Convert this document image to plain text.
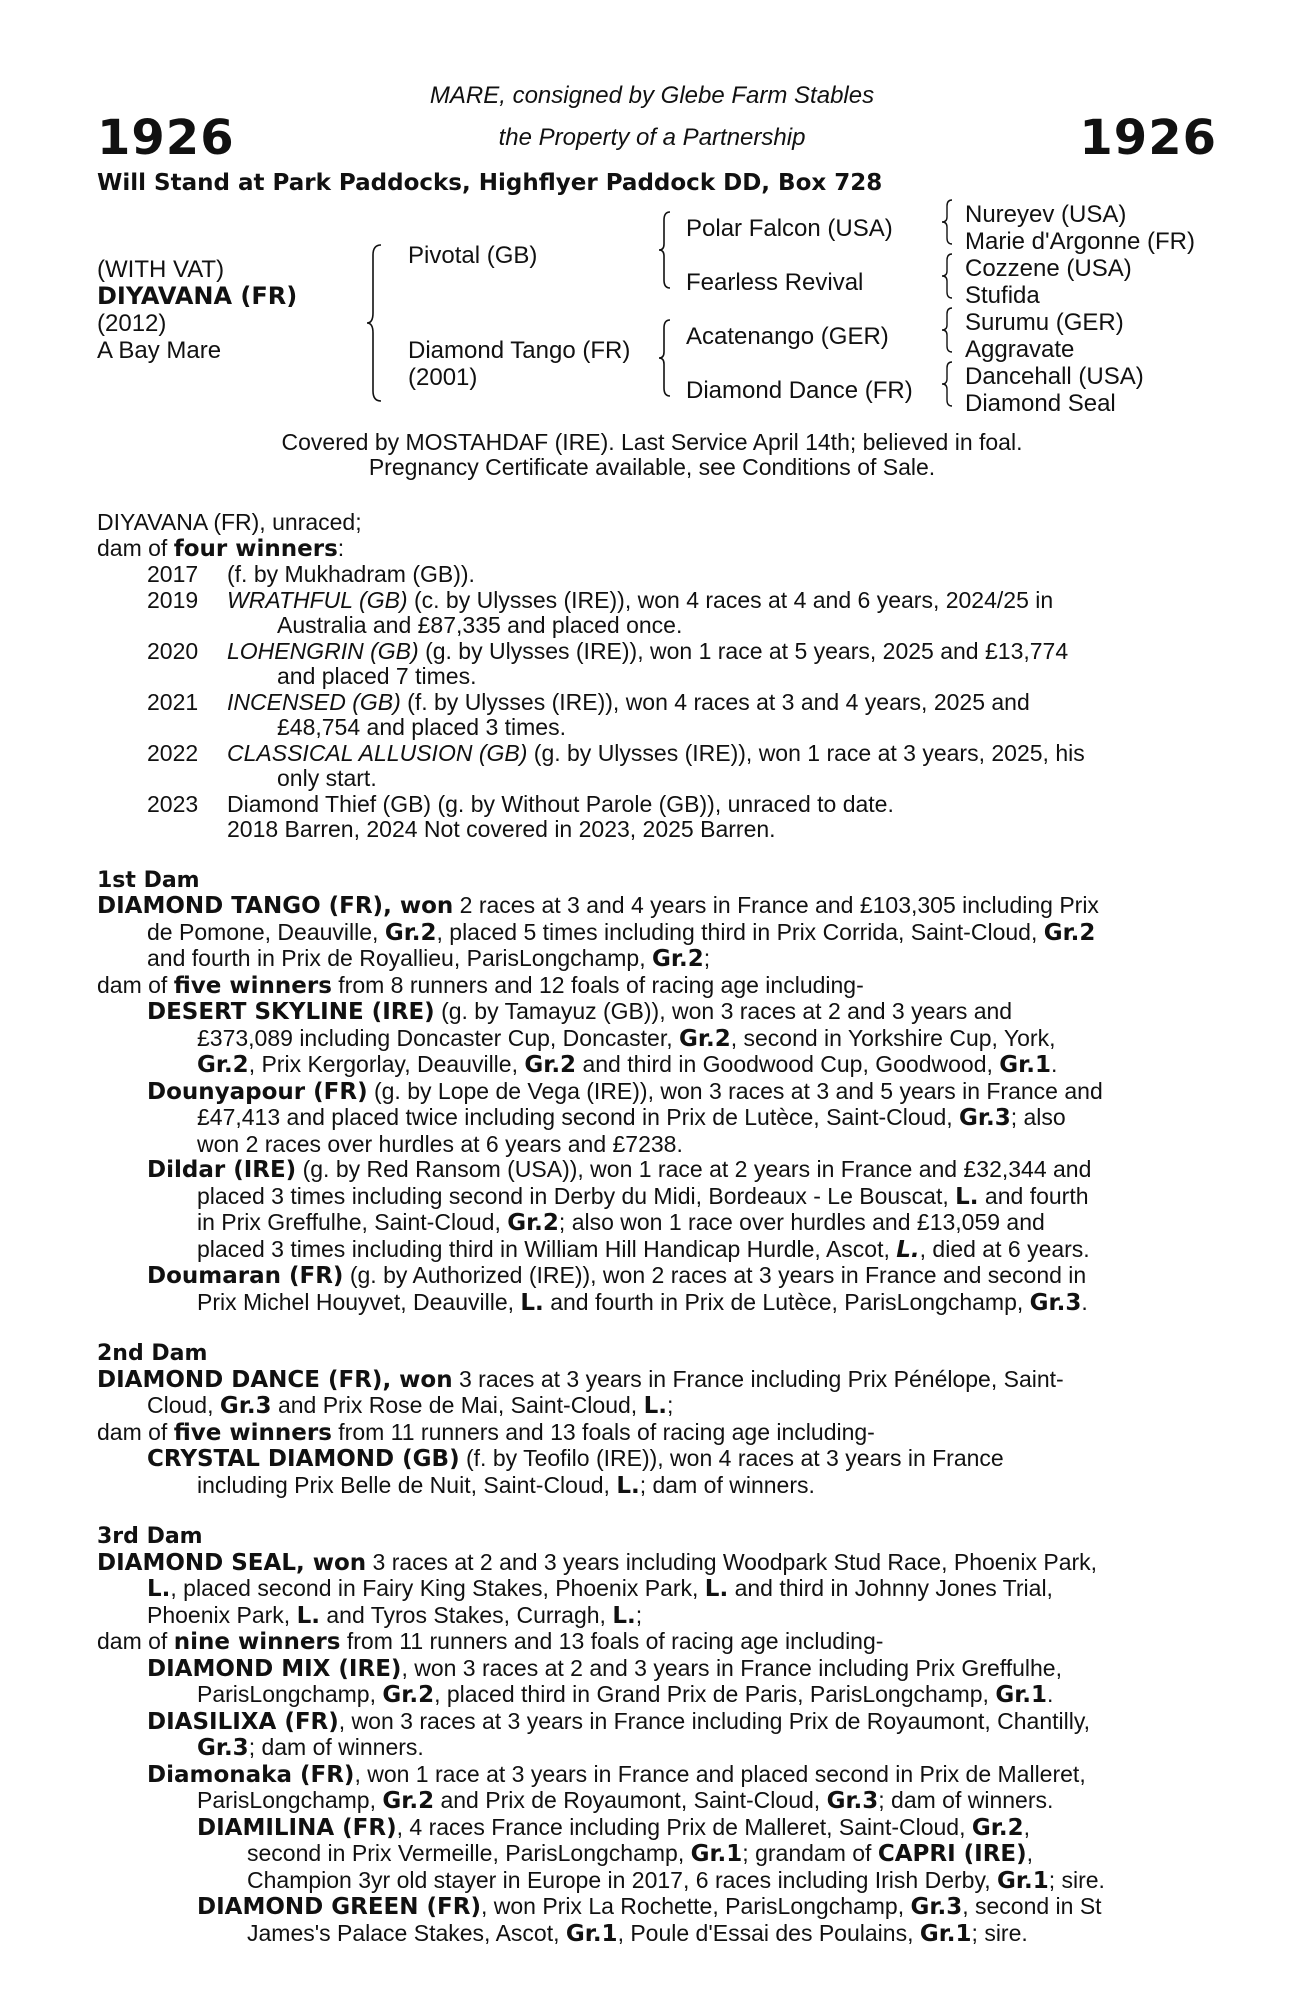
1926	1926
MARE, consigned by Glebe Farm Stables
the Property of a Partnership
Will Stand at Park Paddocks, Highflyer Paddock DD, Box 728
(WITH VAT)
DIYAVANA (FR)
(2012)
A Bay Mare
Pivotal (GB)
Diamond Tango (FR)
(2001)
Polar Falcon (USA)
Fearless Revival
Acatenango (GER)
Diamond Dance (FR)
Nureyev (USA)
Marie d'Argonne (FR)
Cozzene (USA)
Stufida
Surumu (GER)
Aggravate
Dancehall (USA)
Diamond Seal

Covered by MOSTAHDAF (IRE). Last Service April 14th; believed in foal.

Pregnancy Certificate available, see Conditions of Sale.

DIYAVANA (FR), unraced;

dam of four winners:

2017	(f. by Mukhadram (GB)).
2019	WRATHFUL (GB) (c. by Ulysses (IRE)), won 4 races at 4 and 6 years, 2024/25 in
Australia and £87,335 and placed once.
2020	LOHENGRIN (GB) (g. by Ulysses (IRE)), won 1 race at 5 years, 2025 and £13,774
and placed 7 times.
2021	INCENSED (GB) (f. by Ulysses (IRE)), won 4 races at 3 and 4 years, 2025 and
£48,754 and placed 3 times.
2022	CLASSICAL ALLUSION (GB) (g. by Ulysses (IRE)), won 1 race at 3 years, 2025, his
only start.
2023	Diamond Thief (GB) (g. by Without Parole (GB)), unraced to date.
2018 Barren, 2024 Not covered in 2023, 2025 Barren.

1st Dam

DIAMOND TANGO (FR), won 2 races at 3 and 4 years in France and £103,305 including Prix
de Pomone, Deauville, Gr.2, placed 5 times including third in Prix Corrida, Saint-Cloud, Gr.2
and fourth in Prix de Royallieu, ParisLongchamp, Gr.2;

dam of five winners from 8 runners and 12 foals of racing age including-

DESERT SKYLINE (IRE) (g. by Tamayuz (GB)), won 3 races at 2 and 3 years and
£373,089 including Doncaster Cup, Doncaster, Gr.2, second in Yorkshire Cup, York,
Gr.2, Prix Kergorlay, Deauville, Gr.2 and third in Goodwood Cup, Goodwood, Gr.1.
Dounyapour (FR) (g. by Lope de Vega (IRE)), won 3 races at 3 and 5 years in France and
£47,413 and placed twice including second in Prix de Lutèce, Saint-Cloud, Gr.3; also
won 2 races over hurdles at 6 years and £7238.
Dildar (IRE) (g. by Red Ransom (USA)), won 1 race at 2 years in France and £32,344 and
placed 3 times including second in Derby du Midi, Bordeaux - Le Bouscat, L. and fourth
in Prix Greffulhe, Saint-Cloud, Gr.2; also won 1 race over hurdles and £13,059 and
placed 3 times including third in William Hill Handicap Hurdle, Ascot, L., died at 6 years.
Doumaran (FR) (g. by Authorized (IRE)), won 2 races at 3 years in France and second in
Prix Michel Houyvet, Deauville, L. and fourth in Prix de Lutèce, ParisLongchamp, Gr.3.

2nd Dam

DIAMOND DANCE (FR), won 3 races at 3 years in France including Prix Pénélope, Saint-
Cloud, Gr.3 and Prix Rose de Mai, Saint-Cloud, L.;

dam of five winners from 11 runners and 13 foals of racing age including-

CRYSTAL DIAMOND (GB) (f. by Teofilo (IRE)), won 4 races at 3 years in France
including Prix Belle de Nuit, Saint-Cloud, L.; dam of winners.

3rd Dam

DIAMOND SEAL, won 3 races at 2 and 3 years including Woodpark Stud Race, Phoenix Park,
L., placed second in Fairy King Stakes, Phoenix Park, L. and third in Johnny Jones Trial,
Phoenix Park, L. and Tyros Stakes, Curragh, L.;

dam of nine winners from 11 runners and 13 foals of racing age including-

DIAMOND MIX (IRE), won 3 races at 2 and 3 years in France including Prix Greffulhe,
ParisLongchamp, Gr.2, placed third in Grand Prix de Paris, ParisLongchamp, Gr.1.
DIASILIXA (FR), won 3 races at 3 years in France including Prix de Royaumont, Chantilly,
Gr.3; dam of winners.
Diamonaka (FR), won 1 race at 3 years in France and placed second in Prix de Malleret,
ParisLongchamp, Gr.2 and Prix de Royaumont, Saint-Cloud, Gr.3; dam of winners.
DIAMILINA (FR), 4 races France including Prix de Malleret, Saint-Cloud, Gr.2,
second in Prix Vermeille, ParisLongchamp, Gr.1; grandam of CAPRI (IRE),
Champion 3yr old stayer in Europe in 2017, 6 races including Irish Derby, Gr.1; sire.
DIAMOND GREEN (FR), won Prix La Rochette, ParisLongchamp, Gr.3, second in St
James's Palace Stakes, Ascot, Gr.1, Poule d'Essai des Poulains, Gr.1; sire.
